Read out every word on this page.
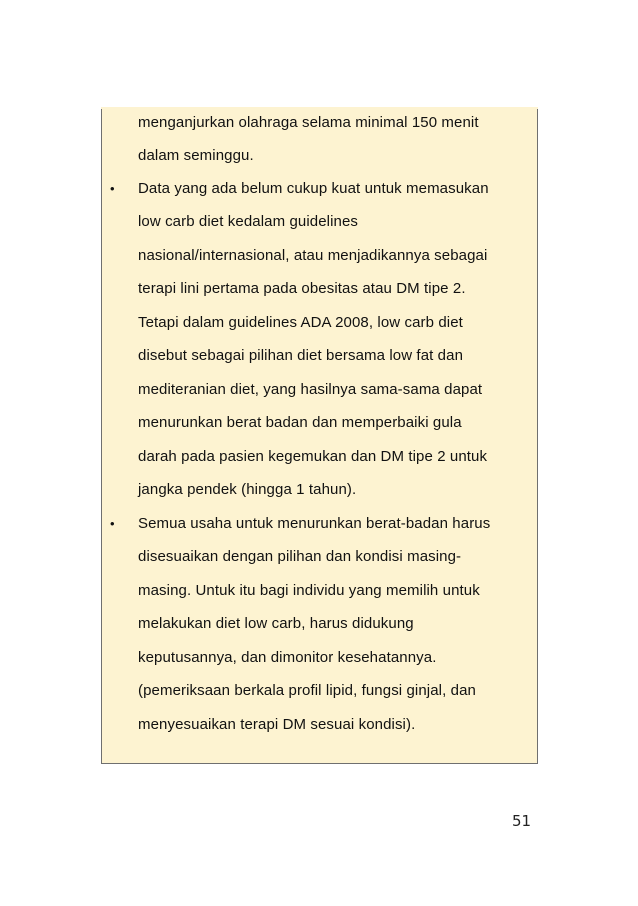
menganjurkan olahraga selama minimal 150 menit
dalam seminggu.
• Data yang ada belum cukup kuat untuk memasukan
low carb diet kedalam guidelines
nasional/internasional, atau menjadikannya sebagai
terapi lini pertama pada obesitas atau DM tipe 2.
Tetapi dalam guidelines ADA 2008, low carb diet
disebut sebagai pilihan diet bersama low fat dan
mediteranian diet, yang hasilnya sama-sama dapat
menurunkan berat badan dan memperbaiki gula
darah pada pasien kegemukan dan DM tipe 2 untuk
jangka pendek (hingga 1 tahun).
• Semua usaha untuk menurunkan berat-badan harus
disesuaikan dengan pilihan dan kondisi masing-
masing. Untuk itu bagi individu yang memilih untuk
melakukan diet low carb, harus didukung
keputusannya, dan dimonitor kesehatannya.
(pemeriksaan berkala profil lipid, fungsi ginjal, dan
menyesuaikan terapi DM sesuai kondisi).
51
